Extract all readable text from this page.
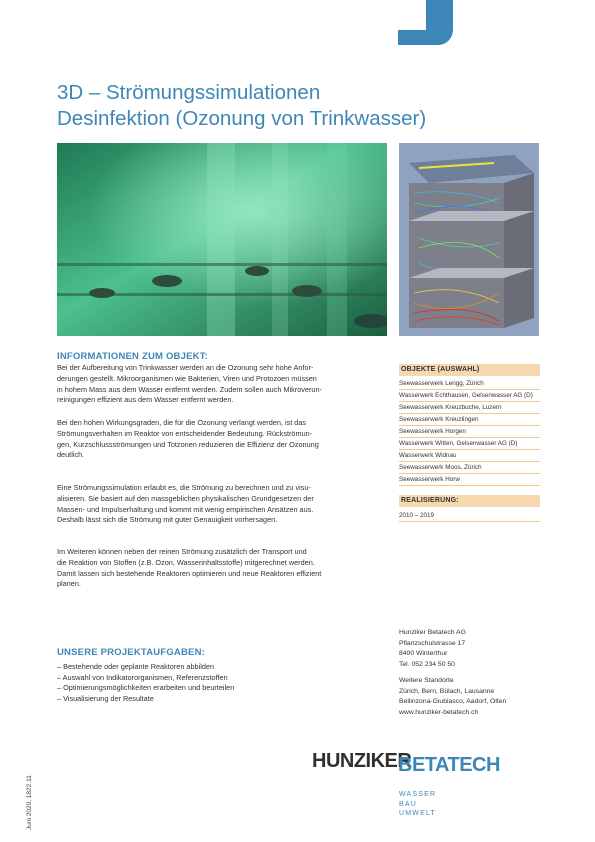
3D – Strömungssimulationen
Desinfektion (Ozonung von Trinkwasser)
INFORMATIONEN ZUM OBJEKT:
Bei der Aufbereitung von Trinkwasser werden an die Ozonung sehr hohe Anfor-
derungen gestellt. Mikroorganismen wie Bakterien, Viren und Protozoen müssen
in hohem Mass aus dem Wasser entfernt werden. Zudem sollen auch Mikroverun-
reinigungen effizient aus dem Wasser entfernt werden.
Bei den hohen Wirkungsgraden, die für die Ozonung verlangt werden, ist das
Strömungsverhalten im Reaktor von entscheidender Bedeutung. Rückströmun-
gen, Kurzschlussströmungen und Totzonen reduzieren die Effizienz der Ozonung
deutlich.
Eine Strömungssimulation erlaubt es, die Strömung zu berechnen und zu visu-
alisieren. Sie basiert auf den massgeblichen physikalischen Grundgesetzen der
Massen- und Impulserhaltung und kommt mit wenig empirischen Ansätzen aus.
Deshalb lässt sich die Strömung mit guter Genauigkeit vorhersagen.
Im Weiteren können neben der reinen Strömung zusätzlich der Transport und
die Reaktion von Stoffen (z.B. Ozon, Wasserinhaltsstoffe) mitgerechnet werden.
Damit lassen sich bestehende Reaktoren optimieren und neue Reaktoren effizient
planen.
UNSERE PROJEKTAUFGABEN:
– Bestehende oder geplante Reaktoren abbilden
– Auswahl von Indikatororganismen, Referenzstoffen
– Optimierungsmöglichkeiten erarbeiten und beurteilen
– Visualisierung der Resultate
OBJEKTE (AUSWAHL)
Seewasserwerk Lengg, Zürich
Wasserwerk Echthausen, Gelsenwasser AG (D)
Seewasserwerk Kreuzbuche, Luzern
Seewasserwerk Kreuzlingen
Seewasserwerk Horgen
Wasserwerk Witten, Gelsenwasser AG (D)
Wasserwerk Widnau
Seewasserwerk Moos, Zürich
Seewasserwerk Horw
REALISIERUNG:
2010 – 2019
Hunziker Betatech AG
Pflanzschulstrasse 17
8400 Winterthur
Tel. 052 234 50 50
Weitere Standorte
Zürich, Bern, Bülach, Lausanne
Bellinzona-Giubiasco, Aadorf, Olten
www.hunziker-betatech.ch
HUNZIKER
BETATECH
WASSER
BAU
UMWELT
Juni 2020, 1822.11
